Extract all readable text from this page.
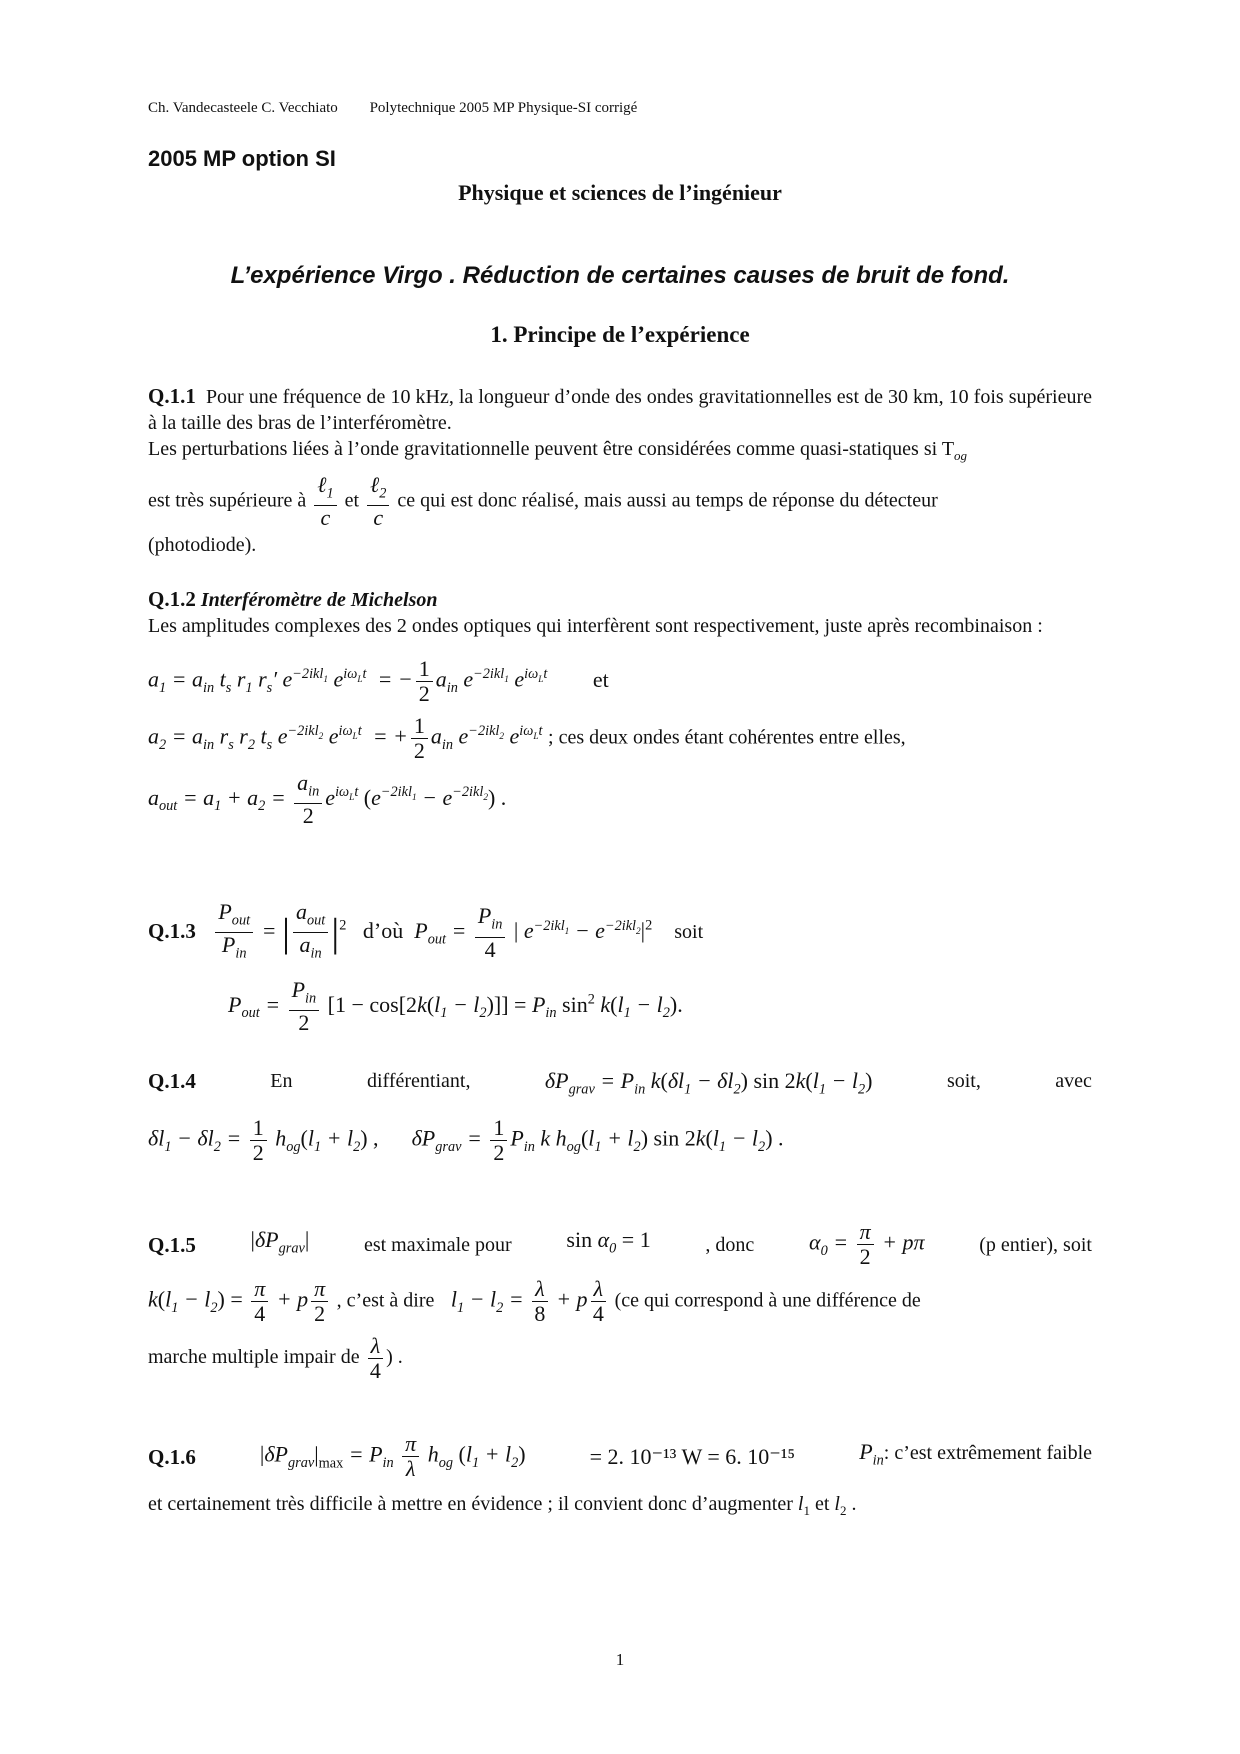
Ch. Vandecasteele C. Vecchiato Polytechnique 2005 MP Physique-SI corrigé
2005 MP option SI
Physique et sciences de l’ingénieur
L’expérience Virgo . Réduction de certaines causes de bruit de fond.
1. Principe de l’expérience
Q.1.1 Pour une fréquence de 10 kHz, la longueur d’onde des ondes gravitationnelles est de 30 km, 10 fois supérieure à la taille des bras de l’interféromètre.
Les perturbations liées à l’onde gravitationnelle peuvent être considérées comme quasi-statiques si $T_{og}$
est très supérieure à $\frac{\ell_1}{c}$ et $\frac{\ell_2}{c}$ ce qui est donc réalisé, mais aussi au temps de réponse du détecteur
(photodiode).
Q.1.2 Interféromètre de Michelson
Les amplitudes complexes des 2 ondes optiques qui interfèrent sont respectivement, juste après recombinaison :
$a_1 = a_{in}$ $t_s$ $r_1$ $r_s'$ $e^{-2ikl_1}$ $e^{i\omega_Lt}$  = − $\frac{1}{2} a_{in}$ $e^{-2ikl_1}$ $e^{i\omega_Lt}$ et
$a_2 = a_{in}$ $r_s$ $r_2$ $t_s$ $e^{-2ikl_2}$ $e^{i\omega_Lt}$  = + $\frac{1}{2} a_{in}$ $e^{-2ikl_2}$ $e^{i\omega_Lt}$ ; ces deux ondes étant cohérentes entre elles,
$a_{out} = a_1 + a_2 = \frac{a_{in}}{2} e^{i\omega_Lt}$ $(e^{-2ikl_1} - e^{-2ikl_2})$ .
$Q.1.3 \frac{P_{out}}{P_{in}}$ = | $\frac{a_{out}}{a_{in}} |^2$ d’où  $P_{out} = \frac{P_{in}}{4}$ | $e^{-2ikl_1} - e^{-2ikl_2}|^2$ soit
$P_{out} = \frac{P_{in}}{2} [1 - \cos[2k(l_1 - l_2)]] = P_{in}$ $\sin^2 k(l_1 - l_2)$.
Q.1.4	En	différentiant,	$\delta P_{grav} = P_{in}$ $k(\delta l_1 - \delta l_2)$ $\sin 2k(l_1 - l_2)$	soit,	avec
$\delta l_1 - \delta l_2 = \frac{1}{2} h_{og}(l_1 + l_2)$ ,      $\delta P_{grav} = \frac{1}{2} P_{in}$ k $h_{og}(l_1 + l_2)$ $\sin 2k(l_1 - l_2)$ .
Q.1.5 $|\delta P_{grav}|$	est maximale pour $\sin \alpha_0 = 1$	, donc $\alpha_0 = \frac{\pi}{2} + p\pi$	(p entier), soit
$k(l_1 - l_2) = \frac{\pi}{4} + p \frac{\pi}{2}$ , c’est à dire   $l_1 - l_2 = \frac{\lambda}{8} + p \frac{\lambda}{4} (ce$ qui correspond à une différence de
marche multiple impair de $\frac{\lambda}{4}$ ) .
Q.1.6	$|\delta P_{grav}|_{max} = P_{in} \frac{\pi}{\lambda} h_{og}$ $(l_1 + l_2)$	= 2. 10⁻¹³ W = 6. 10⁻¹⁵	$P_{in}$: c’est extrêmement faible
et certainement très difficile à mettre en évidence ; il convient donc d’augmenter $l_1$ et $l_2$ .
1
